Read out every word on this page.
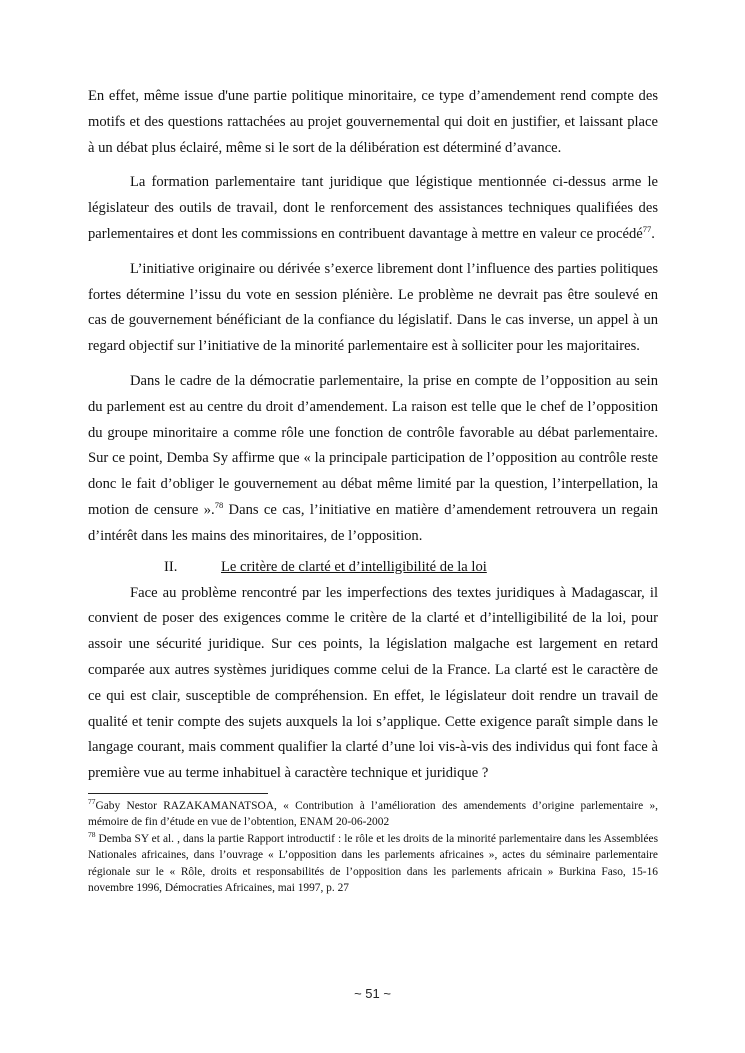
En effet, même issue d'une partie politique minoritaire, ce type d’amendement rend compte des motifs et des questions rattachées au projet gouvernemental qui doit en justifier, et laissant place à un débat plus éclairé, même si le sort de la délibération est déterminé d’avance.

La formation parlementaire tant juridique que légistique mentionnée ci-dessus arme le législateur des outils de travail, dont le renforcement des assistances techniques qualifiées des parlementaires et dont les commissions en contribuent davantage à mettre en valeur ce procédé$^{77}$.

L’initiative originaire ou dérivée s’exerce librement dont l’influence des parties politiques fortes détermine l’issu du vote en session plénière. Le problème ne devrait pas être soulevé en cas de gouvernement bénéficiant de la confiance du législatif. Dans le cas inverse, un appel à un regard objectif sur l’initiative de la minorité parlementaire est à solliciter pour les majoritaires.

Dans le cadre de la démocratie parlementaire, la prise en compte de l’opposition au sein du parlement est au centre du droit d’amendement. La raison est telle que le chef de l’opposition du groupe minoritaire a comme rôle une fonction de contrôle favorable au débat parlementaire. Sur ce point, Demba Sy affirme que « la principale participation de l’opposition au contrôle reste donc le fait d’obliger le gouvernement au débat même limité par la question, l’interpellation, la motion de censure ».$^{78}$ Dans ce cas, l’initiative en matière d’amendement retrouvera un regain d’intérêt dans les mains des minoritaires, de l’opposition.

II.	Le critère de clarté et d’intelligibilité de la loi

Face au problème rencontré par les imperfections des textes juridiques à Madagascar, il convient de poser des exigences comme le critère de la clarté et d’intelligibilité de la loi, pour assoir une sécurité juridique. Sur ces points, la législation malgache est largement en retard comparée aux autres systèmes juridiques comme celui de la France. La clarté est le caractère de ce qui est clair, susceptible de compréhension. En effet, le législateur doit rendre un travail de qualité et tenir compte des sujets auxquels la loi s’applique. Cette exigence paraît simple dans le langage courant, mais comment qualifier la clarté d’une loi vis-à-vis des individus qui font face à première vue au terme inhabituel à caractère technique et juridique ?

$^{77}$Gaby Nestor RAZAKAMANATSOA, « Contribution à l’amélioration des amendements d’origine parlementaire », mémoire de fin d’étude en vue de l’obtention, ENAM 20-06-2002

$^{78}$ Demba SY et al. , dans la partie Rapport introductif : le rôle et les droits de la minorité parlementaire dans les Assemblées Nationales africaines, dans l’ouvrage « L’opposition dans les parlements africaines », actes du séminaire parlementaire régionale sur le « Rôle, droits et responsabilités de l’opposition dans les parlements africain » Burkina Faso, 15-16 novembre 1996, Démocraties Africaines, mai 1997, p. 27

~ 51 ~
